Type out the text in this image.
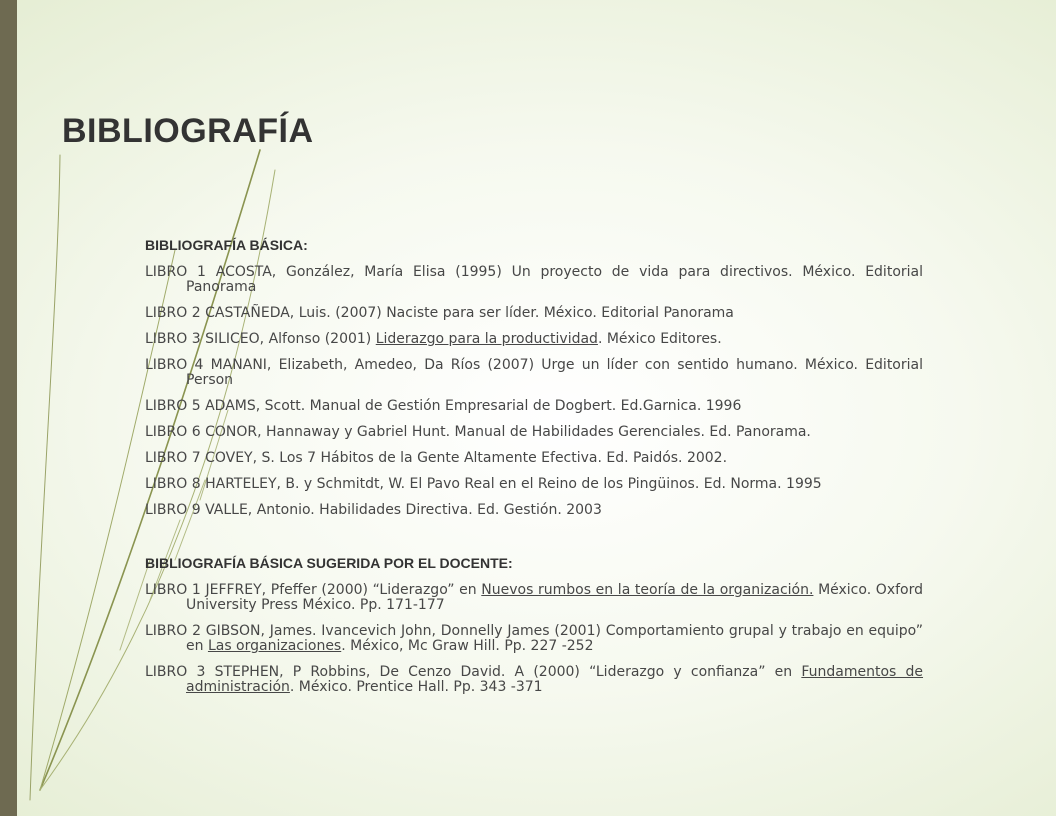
BIBLIOGRAFÍA

BIBLIOGRAFÍA BÁSICA:

LIBRO 1 ACOSTA, González, María Elisa (1995) Un proyecto de vida para directivos. México. Editorial Panorama

LIBRO 2 CASTAÑEDA, Luis. (2007) Naciste para ser líder. México. Editorial Panorama

LIBRO 3 SILICEO, Alfonso (2001) Liderazgo para la productividad. México Editores.

LIBRO 4 MANANI, Elizabeth, Amedeo, Da Ríos (2007) Urge un líder con sentido humano. México. Editorial Person

LIBRO 5 ADAMS, Scott. Manual de Gestión Empresarial de Dogbert. Ed.Garnica. 1996

LIBRO 6 CONOR, Hannaway y Gabriel Hunt. Manual de Habilidades Gerenciales. Ed. Panorama.

LIBRO 7 COVEY, S. Los 7 Hábitos de la Gente Altamente Efectiva. Ed. Paidós. 2002.

LIBRO 8 HARTELEY, B. y Schmitdt, W. El Pavo Real en el Reino de los Pingüinos. Ed. Norma. 1995

LIBRO 9 VALLE, Antonio. Habilidades Directiva. Ed. Gestión. 2003

BIBLIOGRAFÍA BÁSICA SUGERIDA POR EL DOCENTE:

LIBRO 1 JEFFREY, Pfeffer (2000) “Liderazgo” en Nuevos rumbos en la teoría de la organización. México. Oxford University Press México. Pp. 171-177

LIBRO 2 GIBSON, James. Ivancevich John, Donnelly James (2001) Comportamiento grupal y trabajo en equipo” en Las organizaciones. México, Mc Graw Hill. Pp. 227 -252

LIBRO 3 STEPHEN, P Robbins, De Cenzo David. A (2000) “Liderazgo y confianza” en Fundamentos de administración. México. Prentice Hall. Pp. 343 -371
